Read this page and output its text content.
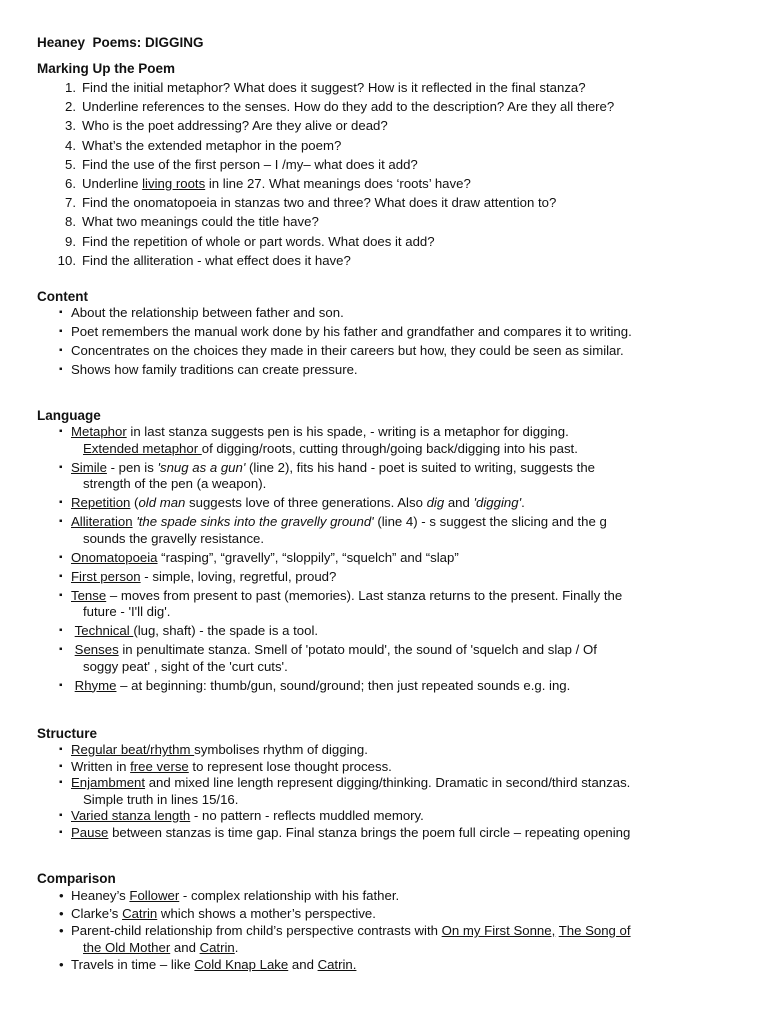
Heaney  Poems: DIGGING
Marking Up the Poem
1. Find the initial metaphor? What does it suggest? How is it reflected in the final stanza?
2. Underline references to the senses. How do they add to the description? Are they all there?
3. Who is the poet addressing? Are they alive or dead?
4. What’s the extended metaphor in the poem?
5. Find the use of the first person – I /my– what does it add?
6. Underline living roots in line 27. What meanings does ‘roots’ have?
7. Find the onomatopoeia in stanzas two and three? What does it draw attention to?
8. What two meanings could the title have?
9. Find the repetition of whole or part words. What does it add?
10. Find the alliteration - what effect does it have?
Content
▪ About the relationship between father and son.
▪ Poet remembers the manual work done by his father and grandfather and compares it to writing.
▪ Concentrates on the choices they made in their careers but how, they could be seen as similar.
▪ Shows how family traditions can create pressure.
Language
▪ Metaphor in last stanza suggests pen is his spade, - writing is a metaphor for digging.
Extended metaphor of digging/roots, cutting through/going back/digging into his past.
▪ Simile - pen is 'snug as a gun' (line 2), fits his hand - poet is suited to writing, suggests the
strength of the pen (a weapon).
▪ Repetition (old man suggests love of three generations. Also dig and 'digging'.
▪ Alliteration 'the spade sinks into the gravelly ground' (line 4) - s suggest the slicing and the g
sounds the gravelly resistance.
▪ Onomatopoeia “rasping”, “gravelly”, “sloppily”, “squelch” and “slap”
▪ First person - simple, loving, regretful, proud?
▪ Tense – moves from present to past (memories). Last stanza returns to the present. Finally the
future - 'I'll dig'.
▪ Technical (lug, shaft) - the spade is a tool.
▪ Senses in penultimate stanza. Smell of 'potato mould', the sound of 'squelch and slap / Of
soggy peat' , sight of the 'curt cuts'.
▪ Rhyme – at beginning: thumb/gun, sound/ground; then just repeated sounds e.g. ing.
Structure
▪ Regular beat/rhythm symbolises rhythm of digging.
▪ Written in free verse to represent lose thought process.
▪ Enjambment and mixed line length represent digging/thinking. Dramatic in second/third stanzas.
Simple truth in lines 15/16.
▪ Varied stanza length - no pattern - reflects muddled memory.
▪ Pause between stanzas is time gap. Final stanza brings the poem full circle – repeating opening
Comparison
• Heaney’s Follower - complex relationship with his father.
• Clarke’s Catrin which shows a mother’s perspective.
• Parent-child relationship from child’s perspective contrasts with On my First Sonne, The Song of
the Old Mother and Catrin.
• Travels in time – like Cold Knap Lake and Catrin.
